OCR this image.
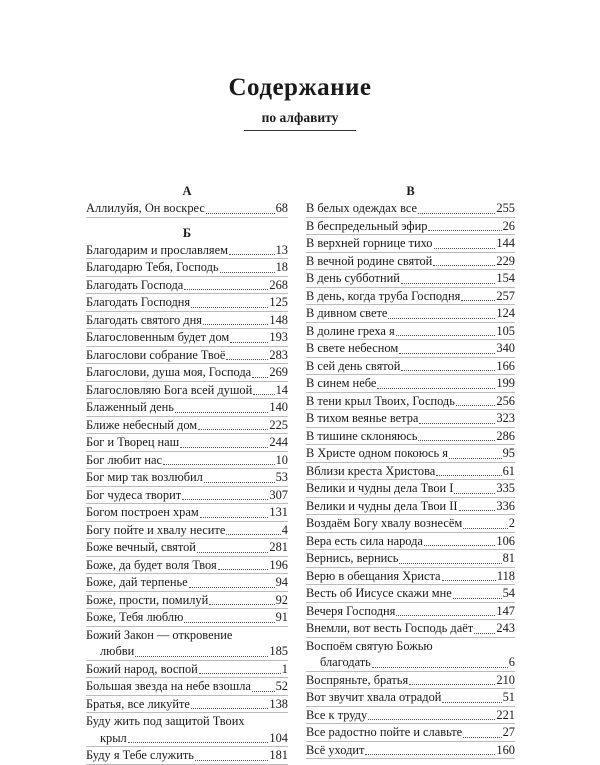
Содержание
по алфавиту
А
Аллилуйя, Он воскрес	68
Б
Благодарим и прославляем	13
Благодарю Тебя, Господь	18
Благодать Господа	268
Благодать Господня	125
Благодать святого дня	148
Благословенным будет дом	193
Благослови собрание Твоё	283
Благослови, душа моя, Господа 269
Благословляю Бога всей душой 14
Блаженный день	140
Ближе небесный дом	225
Бог и Творец наш	244
Бог любит нас	10
Бог мир так возлюбил	53
Бог чудеса творит	307
Богом построен храм	131
Богу пойте и хвалу несите	4
Боже вечный, святой	281
Боже, да будет воля Твоя	196
Боже, дай терпенье	94
Боже, прости, помилуй	92
Боже, Тебя люблю	91
Божий Закон — откровение
любви	185
Божий народ, воспой	1
Большая звезда на небе взошла 52
Братья, все ликуйте	138
Буду жить под защитой Твоих
крыл	104
Буду я Тебе служить	181
В
В белых одеждах все	255
В беспредельный эфир	26
В верхней горнице тихо	144
В вечной родине святой	229
В день субботний	154
В день, когда труба Господня	257
В дивном свете	124
В долине греха я	105
В свете небесном	340
В сей день святой	166
В синем небе	199
В тени крыл Твоих, Господь	256
В тихом веянье ветра	323
В тишине склоняюсь	286
В Христе одном покоюсь я	95
Вблизи креста Христова	61
Велики и чудны дела Твои I	335
Велики и чудны дела Твои II	336
Воздаём Богу хвалу вознесём	2
Вера есть сила народа	106
Вернись, вернись	81
Верю в обещания Христа	118
Весть об Иисусе скажи мне	54
Вечеря Господня	147
Внемли, вот весть Господь даёт 243
Воспоём святую Божью
благодать	6
Воспряньте, братья	210
Вот звучит хвала отрадой	51
Все к труду	221
Все радостно пойте и славьте	27
Всё уходит	160
